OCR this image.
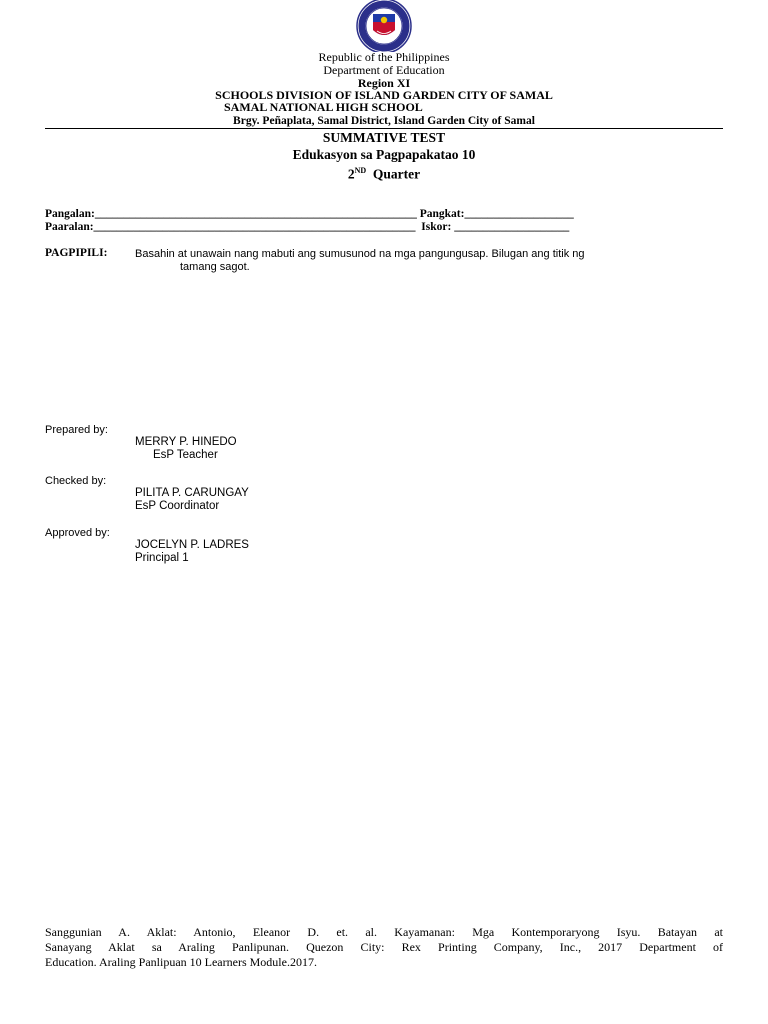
Republic of the Philippines
Department of Education
Region XI
SCHOOLS DIVISION OF ISLAND GARDEN CITY OF SAMAL
SAMAL NATIONAL HIGH SCHOOL
Brgy. Peñaplata, Samal District, Island Garden City of Samal
SUMMATIVE TEST
Edukasyon sa Pagpapakatao 10
2ND Quarter
Pangalan:________________________________________________________ Pangkat:___________________
Paaralan:________________________________________________________  Iskor: ____________________
PAGPIPILI:	Basahin at unawain nang mabuti ang sumusunod na mga pangungusap. Bilugan ang titik ng
tamang sagot.
Prepared by:
MERRY P. HINEDO
EsP Teacher
Checked by:
PILITA P. CARUNGAY
EsP Coordinator
Approved by:
JOCELYN P. LADRES
Principal 1
Sanggunian A. Aklat: Antonio, Eleanor D. et. al. Kayamanan: Mga Kontemporaryong Isyu. Batayan at
Sanayang Aklat sa Araling Panlipunan. Quezon City: Rex Printing Company, Inc., 2017 Department of
Education. Araling Panlipuan 10 Learners Module.2017.
